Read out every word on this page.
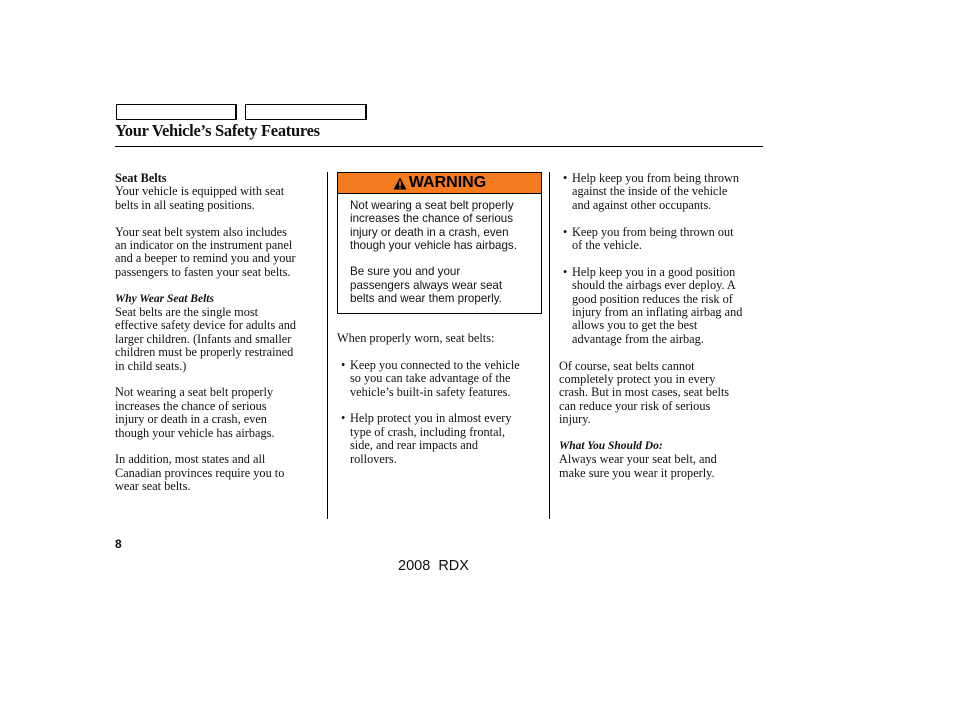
Your Vehicle’s Safety Features

Seat Belts

Your vehicle is equipped with seat

belts in all seating positions.

Your seat belt system also includes

an indicator on the instrument panel

and a beeper to remind you and your

passengers to fasten your seat belts.

Why Wear Seat Belts

Seat belts are the single most

effective safety device for adults and

larger children. (Infants and smaller

children must be properly restrained

in child seats.)

Not wearing a seat belt properly

increases the chance of serious

injury or death in a crash, even

though your vehicle has airbags.

In addition, most states and all

Canadian provinces require you to

wear seat belts.

WARNING

Not wearing a seat belt properly

increases the chance of serious

injury or death in a crash, even

though your vehicle has airbags.

Be sure you and your

passengers always wear seat

belts and wear them properly.

When properly worn, seat belts:

• Keep you connected to the vehicle

so you can take advantage of the

vehicle’s built-in safety features.

• Help protect you in almost every

type of crash, including frontal,

side, and rear impacts and

rollovers.

• Help keep you from being thrown

against the inside of the vehicle

and against other occupants.

• Keep you from being thrown out

of the vehicle.

• Help keep you in a good position

should the airbags ever deploy. A

good position reduces the risk of

injury from an inflating airbag and

allows you to get the best

advantage from the airbag.

Of course, seat belts cannot

completely protect you in every

crash. But in most cases, seat belts

can reduce your risk of serious

injury.

What You Should Do:

Always wear your seat belt, and

make sure you wear it properly.

8
2008  RDX
